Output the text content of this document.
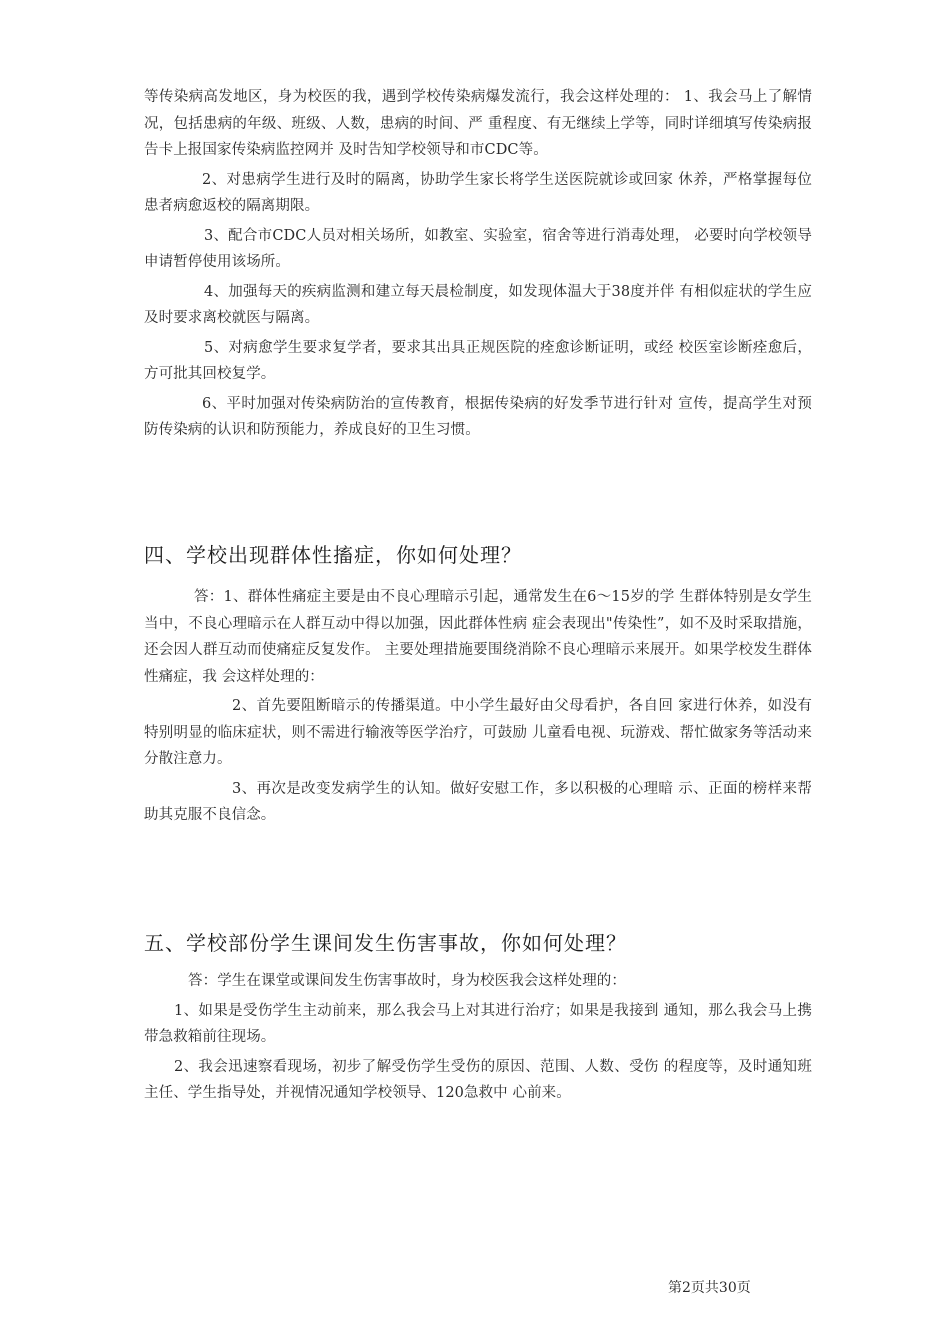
等传染病高发地区，身为校医的我，遇到学校传染病爆发流行，我会这样处理的： 1、我会马上了解情况，包括患病的年级、班级、人数，患病的时间、严 重程度、有无继续上学等，同时详细填写传染病报告卡上报国家传染病监控网并 及时告知学校领导和市CDC等。

2、对患病学生进行及时的隔离，协助学生家长将学生送医院就诊或回家 休养，严格掌握每位患者病愈返校的隔离期限。

3、配合市CDC人员对相关场所，如教室、实验室，宿舍等进行消毒处理， 必要时向学校领导申请暂停使用该场所。

4、加强每天的疾病监测和建立每天晨检制度，如发现体温大于38度并伴 有相似症状的学生应及时要求离校就医与隔离。

5、对病愈学生要求复学者，要求其出具正规医院的痊愈诊断证明，或经 校医室诊断痊愈后，方可批其回校复学。

6、平时加强对传染病防治的宣传教育，根据传染病的好发季节进行针对 宣传，提高学生对预防传染病的认识和防预能力，养成良好的卫生习惯。

四、学校出现群体性搐症，你如何处理？

答：1、群体性痛症主要是由不良心理暗示引起，通常发生在6〜15岁的学 生群体特别是女学生当中，不良心理暗示在人群互动中得以加强，因此群体性病 症会表现出"传染性”，如不及时采取措施，还会因人群互动而使痛症反复发作。 主要处理措施要围绕消除不良心理暗示来展开。如果学校发生群体性痛症，我 会这样处理的：

2、首先要阻断暗示的传播渠道。中小学生最好由父母看护，各自回 家进行休养，如没有特别明显的临床症状，则不需进行输液等医学治疗，可鼓励 儿童看电视、玩游戏、帮忙做家务等活动来分散注意力。

3、再次是改变发病学生的认知。做好安慰工作，多以积极的心理暗 示、正面的榜样来帮助其克服不良信念。

五、学校部份学生课间发生伤害事故，你如何处理？

答：学生在课堂或课间发生伤害事故时，身为校医我会这样处理的：

1、如果是受伤学生主动前来，那么我会马上对其进行治疗；如果是我接到 通知，那么我会马上携带急救箱前往现场。

2、我会迅速察看现场，初步了解受伤学生受伤的原因、范围、人数、受伤 的程度等，及时通知班主任、学生指导处，并视情况通知学校领导、120急救中 心前来。

第2页共30页
